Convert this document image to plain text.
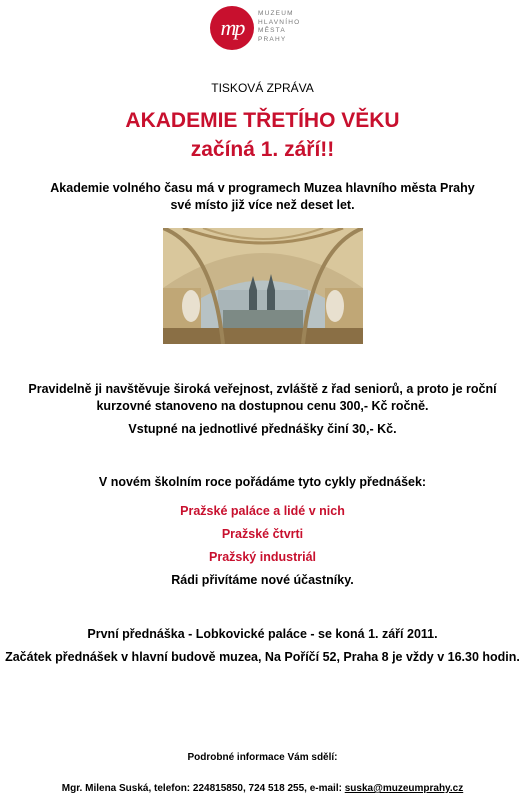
mp
MUZEUM
HLAVNÍHO
MĚSTA
PRAHY
TISKOVÁ ZPRÁVA
AKADEMIE TŘETÍHO VĚKU
začíná 1. září!!
Akademie volného času má v programech Muzea hlavního města Prahy
své místo již více než deset let.
Pravidelně ji navštěvuje široká veřejnost, zvláště z řad seniorů, a proto je roční
kurzovné stanoveno na dostupnou cenu 300,- Kč ročně.
Vstupné na jednotlivé přednášky činí 30,- Kč.
V novém školním roce pořádáme tyto cykly přednášek:
Pražské paláce a lidé v nich
Pražské čtvrti
Pražský industriál
Rádi přivítáme nové účastníky.
První přednáška - Lobkovické paláce - se koná 1. září 2011.
Začátek přednášek v hlavní budově muzea, Na Poříčí 52, Praha 8 je vždy v 16.30 hodin.
Podrobné informace Vám sdělí:
Mgr. Milena Suská, telefon: 224815850, 724 518 255, e-mail: suska@muzeumprahy.cz
